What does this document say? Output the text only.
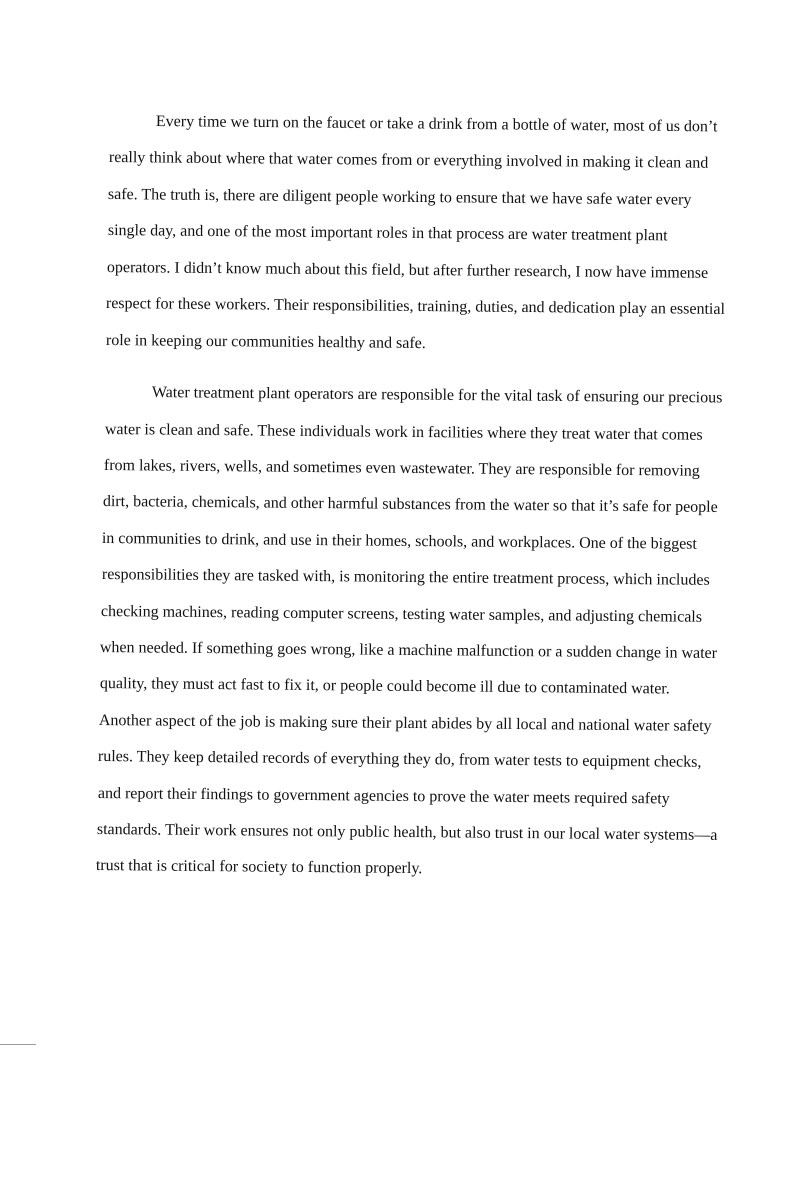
Every time we turn on the faucet or take a drink from a bottle of water, most of us don’t

really think about where that water comes from or everything involved in making it clean and

safe. The truth is, there are diligent people working to ensure that we have safe water every

single day, and one of the most important roles in that process are water treatment plant

operators. I didn’t know much about this field, but after further research, I now have immense

respect for these workers. Their responsibilities, training, duties, and dedication play an essential

role in keeping our communities healthy and safe.

Water treatment plant operators are responsible for the vital task of ensuring our precious

water is clean and safe. These individuals work in facilities where they treat water that comes

from lakes, rivers, wells, and sometimes even wastewater. They are responsible for removing

dirt, bacteria, chemicals, and other harmful substances from the water so that it’s safe for people

in communities to drink, and use in their homes, schools, and workplaces. One of the biggest

responsibilities they are tasked with, is monitoring the entire treatment process, which includes

checking machines, reading computer screens, testing water samples, and adjusting chemicals

when needed. If something goes wrong, like a machine malfunction or a sudden change in water

quality, they must act fast to fix it, or people could become ill due to contaminated water.

Another aspect of the job is making sure their plant abides by all local and national water safety

rules. They keep detailed records of everything they do, from water tests to equipment checks,

and report their findings to government agencies to prove the water meets required safety

standards. Their work ensures not only public health, but also trust in our local water systems—a

trust that is critical for society to function properly.
